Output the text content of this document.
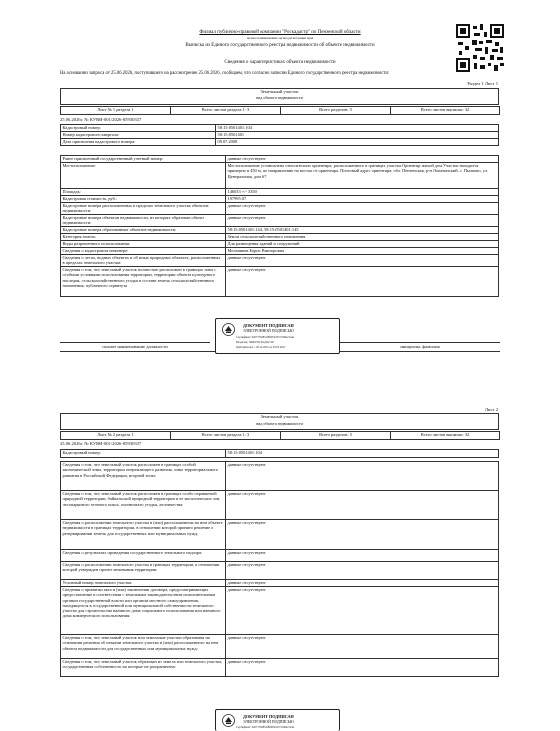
Филиал публично-правовой компании "Роскадастр" по Пензенской области
полное наименование органа регистрации прав
Выписка из Единого государственного реестра недвижимости об объекте недвижимости
Сведения о характеристиках объекта недвижимости
На основании запроса от 25.06.2026, поступившего на рассмотрение 25.06.2026, сообщаем, что согласно записям Единого государственного реестра недвижимости:
Раздел 1 Лист 1
Земельный участок
вид объекта недвижимости
Лист № 1 раздела 1	Всего листов раздела 1: 3	Всего разделов: 5	Всего листов выписки: 32
25.06.2026г. № КУВИ-001/2026-85930337
Кадастровый номер:	58:15:0501401:104
Номер кадастрового квартала:	58:15:0501401
Дата присвоения кадастрового номера:	09.07.2008
Ранее присвоенный государственный учетный номер:	данные отсутствуют
Местоположение:	Местоположение установлено относительно ориентира, расположенного в границах участка.Ориентир жилой дом.Участок находится примерно в 450 м, по направлению на восток от ориентира. Почтовый адрес ориентира: обл. Пензенская, р-н Лопатинский, с. Пылково, ул. Центральная, дом 67
Площадь:	146033 +/- 3350
Кадастровая стоимость, руб.:	197995.07
Кадастровые номера расположенных в пределах земельного участка объектов недвижимости:	данные отсутствуют
Кадастровые номера объектов недвижимости, из которых образован объект недвижимости:	данные отсутствуют
Кадастровые номера образованных объектов недвижимости:	58:15:0501401:144, 58:15:0501401:145
Категория земель:	Земли сельскохозяйственного назначения
Виды разрешенного использования:	Для размещения зданий и сооружений
Сведения о кадастровом инженере:	Мельников Борис Викторович
Сведения о лесах, водных объектах и об иных природных объектах, расположенных в пределах земельного участка:	данные отсутствуют
Сведения о том, что земельный участок полностью расположен в границах зоны с особыми условиями использования территории, территории объекта культурного наследия, сельскохозяйственного угодья в составе земель сельскохозяйственного назначения, публичного сервитута	данные отсутствуют
полное наименование должности	инициалы, фамилия
ДОКУМЕНТ ПОДПИСАН
ЭЛЕКТРОННОЙ ПОДПИСЬЮ
Сертификат: 0267376d85ef8f8d3fd35718d6ec5e4e
Владелец: ППК РОСКАДАСТР
Действителен: с 28.12.2025 по 03.03.2027
Лист 2
Земельный участок
вид объекта недвижимости
Лист № 2 раздела 1	Всего листов раздела 1: 3	Всего разделов: 5	Всего листов выписки: 32
25.06.2026г. № КУВИ-001/2026-85930337
Кадастровый номер:	58:15:0501401:104
Сведения о том, что земельный участок расположен в границах особой экономической зоны, территории опережающего развития, зоны территориального развития в Российской Федерации, игорной зоны:	данные отсутствуют
Сведения о том, что земельный участок расположен в границах особо охраняемой природной территории, байкальской природной территории и ее экологических зон, лесопаркового зеленого пояса, охотничьего угодья, лесничества:	данные отсутствуют
Сведения о расположении земельного участка в (или) расположенном на нем объекте недвижимости в границах территории, в отношении которой принято решение о резервировании земель для государственных или муниципальных нужд:	данные отсутствуют
Сведения о результатах проведения государственного земельного надзора:	данные отсутствуют
Сведения о расположении земельного участка в границах территории, в отношении которой утвержден проект межевания территории:	данные отсутствуют
Условный номер земельного участка:	данные отсутствуют
Сведения о принятии акта и (или) заключении договора, предусматривающих предоставление в соответствии с земельным законодательством исполнительным органом государственной власти или органом местного самоуправления, находящегося в государственной или муниципальной собственности земельного участка для строительства наемного дома социального использования или наемного дома коммерческого использования:	данные отсутствуют
Сведения о том, что земельный участок или земельные участки образованы на основании решения об изъятии земельного участка и (или) расположенного на нем объекта недвижимости для государственных или муниципальных нужд:	данные отсутствуют
Сведения о том, что земельный участок образован из земель или земельного участка, государственная собственность на которые не разграничена:	данные отсутствуют
ДОКУМЕНТ ПОДПИСАН
ЭЛЕКТРОННОЙ ПОДПИСЬЮ
Сертификат: 0267376d85ef8f8d3fd35718d6ec5e4e
